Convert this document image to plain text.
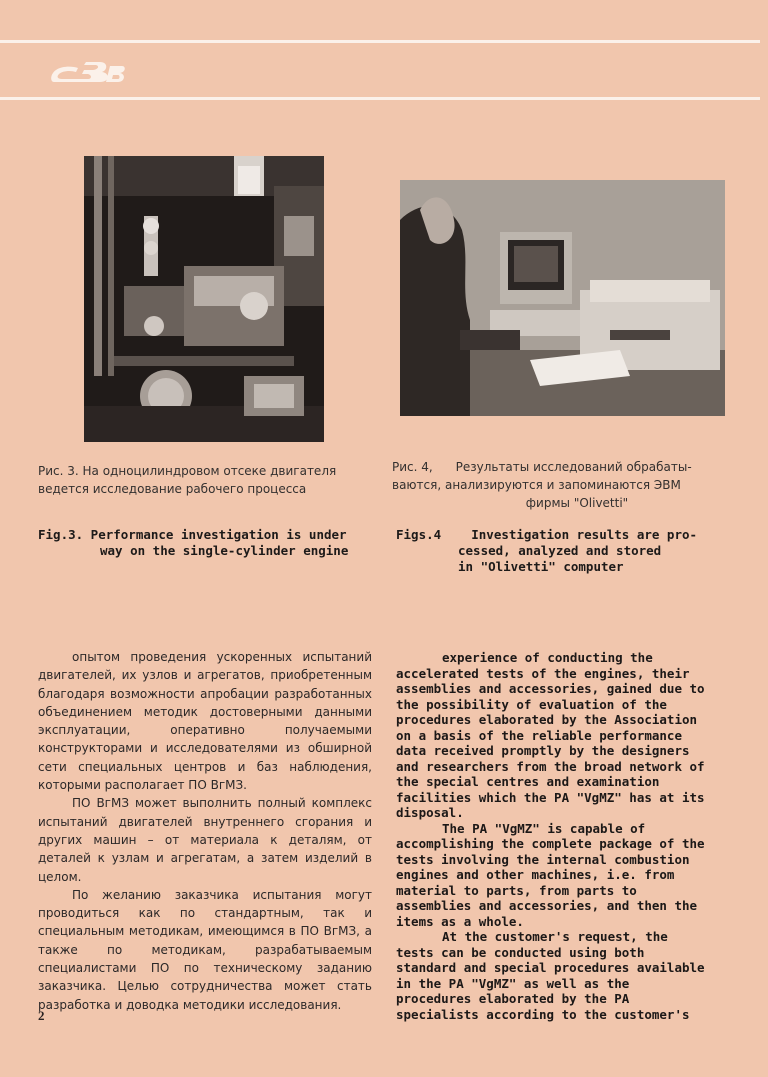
Рис. 3. На одноцилиндровом отсеке двигателя ведется исследование рабочего процесса
Рис. 4,      Результаты исследований обрабаты-
ваются, анализируются и запоминаются ЭВМ
фирмы "Olivetti"
Fig.3. Performance investigation is under
way on the single-cylinder engine
Figs.4    Investigation results are pro-
cessed, analyzed and stored
in "Olivetti" computer

опытом проведения ускоренных испытаний двигателей, их узлов и агрегатов, приобретенным благодаря возможности апробации разработанных объединением методик достоверными данными эксплуатации, оперативно получаемыми конструкторами и исследователями из обширной сети специальных центров и баз наблюдения, которыми располагает ПО ВгМЗ.

ПО ВгМЗ может выполнить полный комплекс испытаний двигателей внутреннего сгорания и других машин – от материала к деталям, от деталей к узлам и агрегатам, а затем изделий в целом.

По желанию заказчика испытания могут проводиться как по стандартным, так и специальным методикам, имеющимся в ПО ВгМЗ, а также по методикам, разрабатываемым специалистами ПО по техническому заданию заказчика. Целью сотрудничества может стать разработка и доводка методики исследования.

experience of conducting the accelerated tests of the engines, their assemblies and accessories, gained due to the possibility of evaluation of the procedures elaborated by the Association on a basis of the reliable performance data received promptly by the designers and researchers from the broad network of the special centres and examination facilities which the PA "VgMZ" has at its disposal.

The PA "VgMZ" is capable of accomplishing the complete package of the tests involving the internal combustion engines and other machines, i.e. from material to parts, from parts to assemblies and accessories, and then the items as a whole.

At the customer's request, the tests can be conducted using both standard and special procedures available in the PA "VgMZ" as well as the procedures elaborated by the PA specialists according to the customer's

2
